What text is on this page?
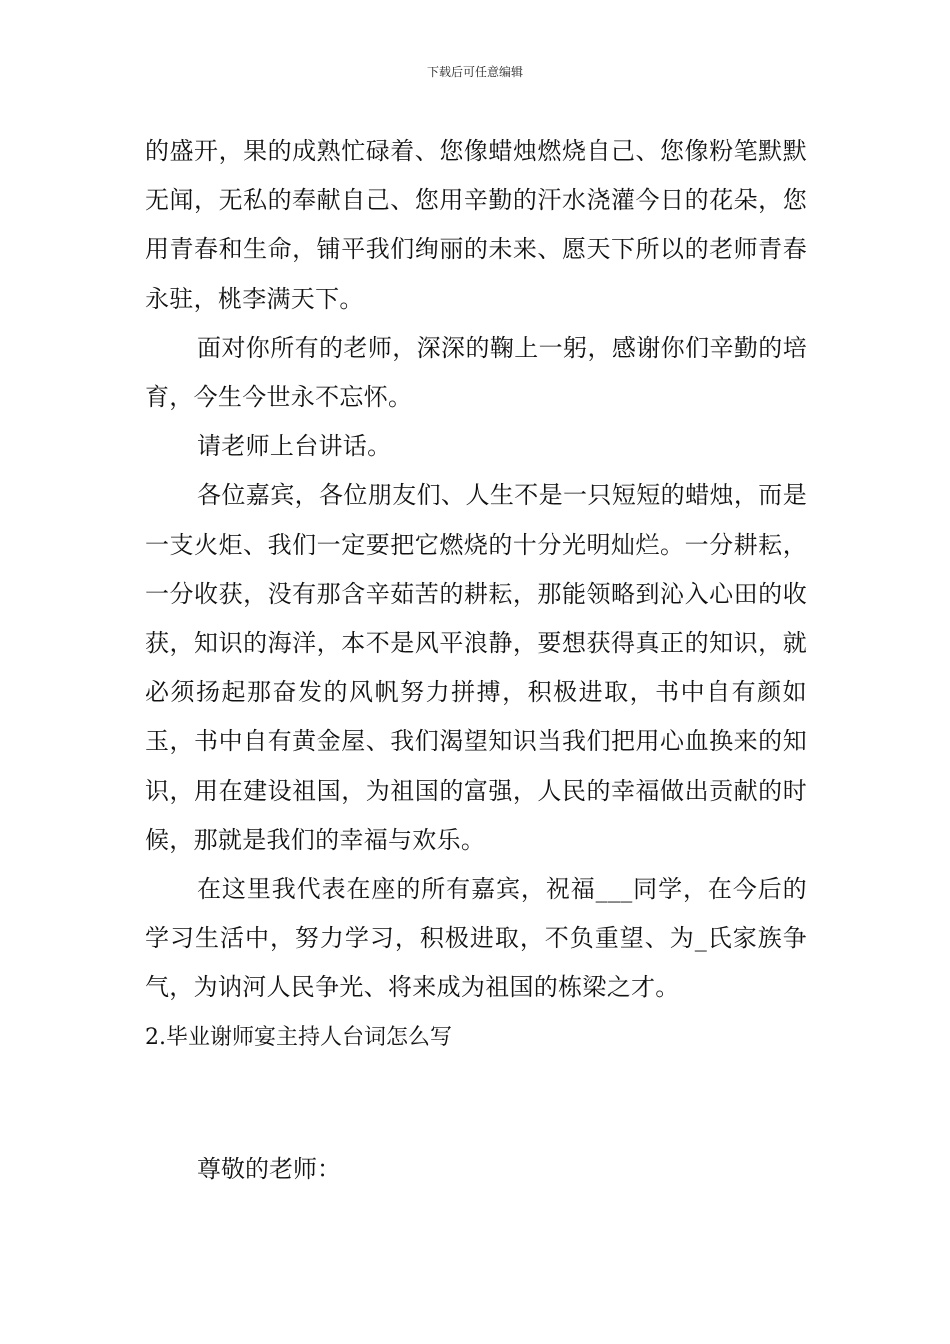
下载后可任意编辑

的盛开，果的成熟忙碌着、您像蜡烛燃烧自己、您像粉笔默默无闻，无私的奉献自己、您用辛勤的汗水浇灌今日的花朵，您用青春和生命，铺平我们绚丽的未来、愿天下所以的老师青春永驻，桃李满天下。

面对你所有的老师，深深的鞠上一躬，感谢你们辛勤的培育，今生今世永不忘怀。

请老师上台讲话。

各位嘉宾，各位朋友们、人生不是一只短短的蜡烛，而是一支火炬、我们一定要把它燃烧的十分光明灿烂。一分耕耘，一分收获，没有那含辛茹苦的耕耘，那能领略到沁入心田的收获，知识的海洋，本不是风平浪静，要想获得真正的知识，就必须扬起那奋发的风帆努力拼搏，积极进取，书中自有颜如玉，书中自有黄金屋、我们渴望知识当我们把用心血换来的知识，用在建设祖国，为祖国的富强，人民的幸福做出贡献的时候，那就是我们的幸福与欢乐。

在这里我代表在座的所有嘉宾，祝福___同学，在今后的学习生活中，努力学习，积极进取，不负重望、为_氏家族争气，为讷河人民争光、将来成为祖国的栋梁之才。

2.毕业谢师宴主持人台词怎么写

尊敬的老师：
